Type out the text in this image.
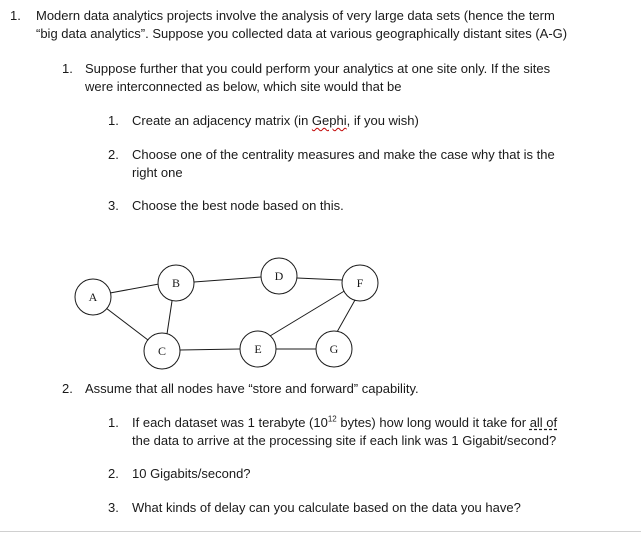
1. Modern data analytics projects involve the analysis of very large data sets (hence the term
“big data analytics”. Suppose you collected data at various geographically distant sites (A-G)
1. Suppose further that you could perform your analytics at one site only. If the sites
were interconnected as below, which site would that be
1. Create an adjacency matrix (in Gephi, if you wish)
2. Choose one of the centrality measures and make the case why that is the
right one
3. Choose the best node based on this.
A
B
C
D
E
F
G
2. Assume that all nodes have “store and forward” capability.
1. If each dataset was 1 terabyte ($10^{12}$ bytes) how long would it take for all of
the data to arrive at the processing site if each link was 1 Gigabit/second?
2. 10 Gigabits/second?
3. What kinds of delay can you calculate based on the data you have?
